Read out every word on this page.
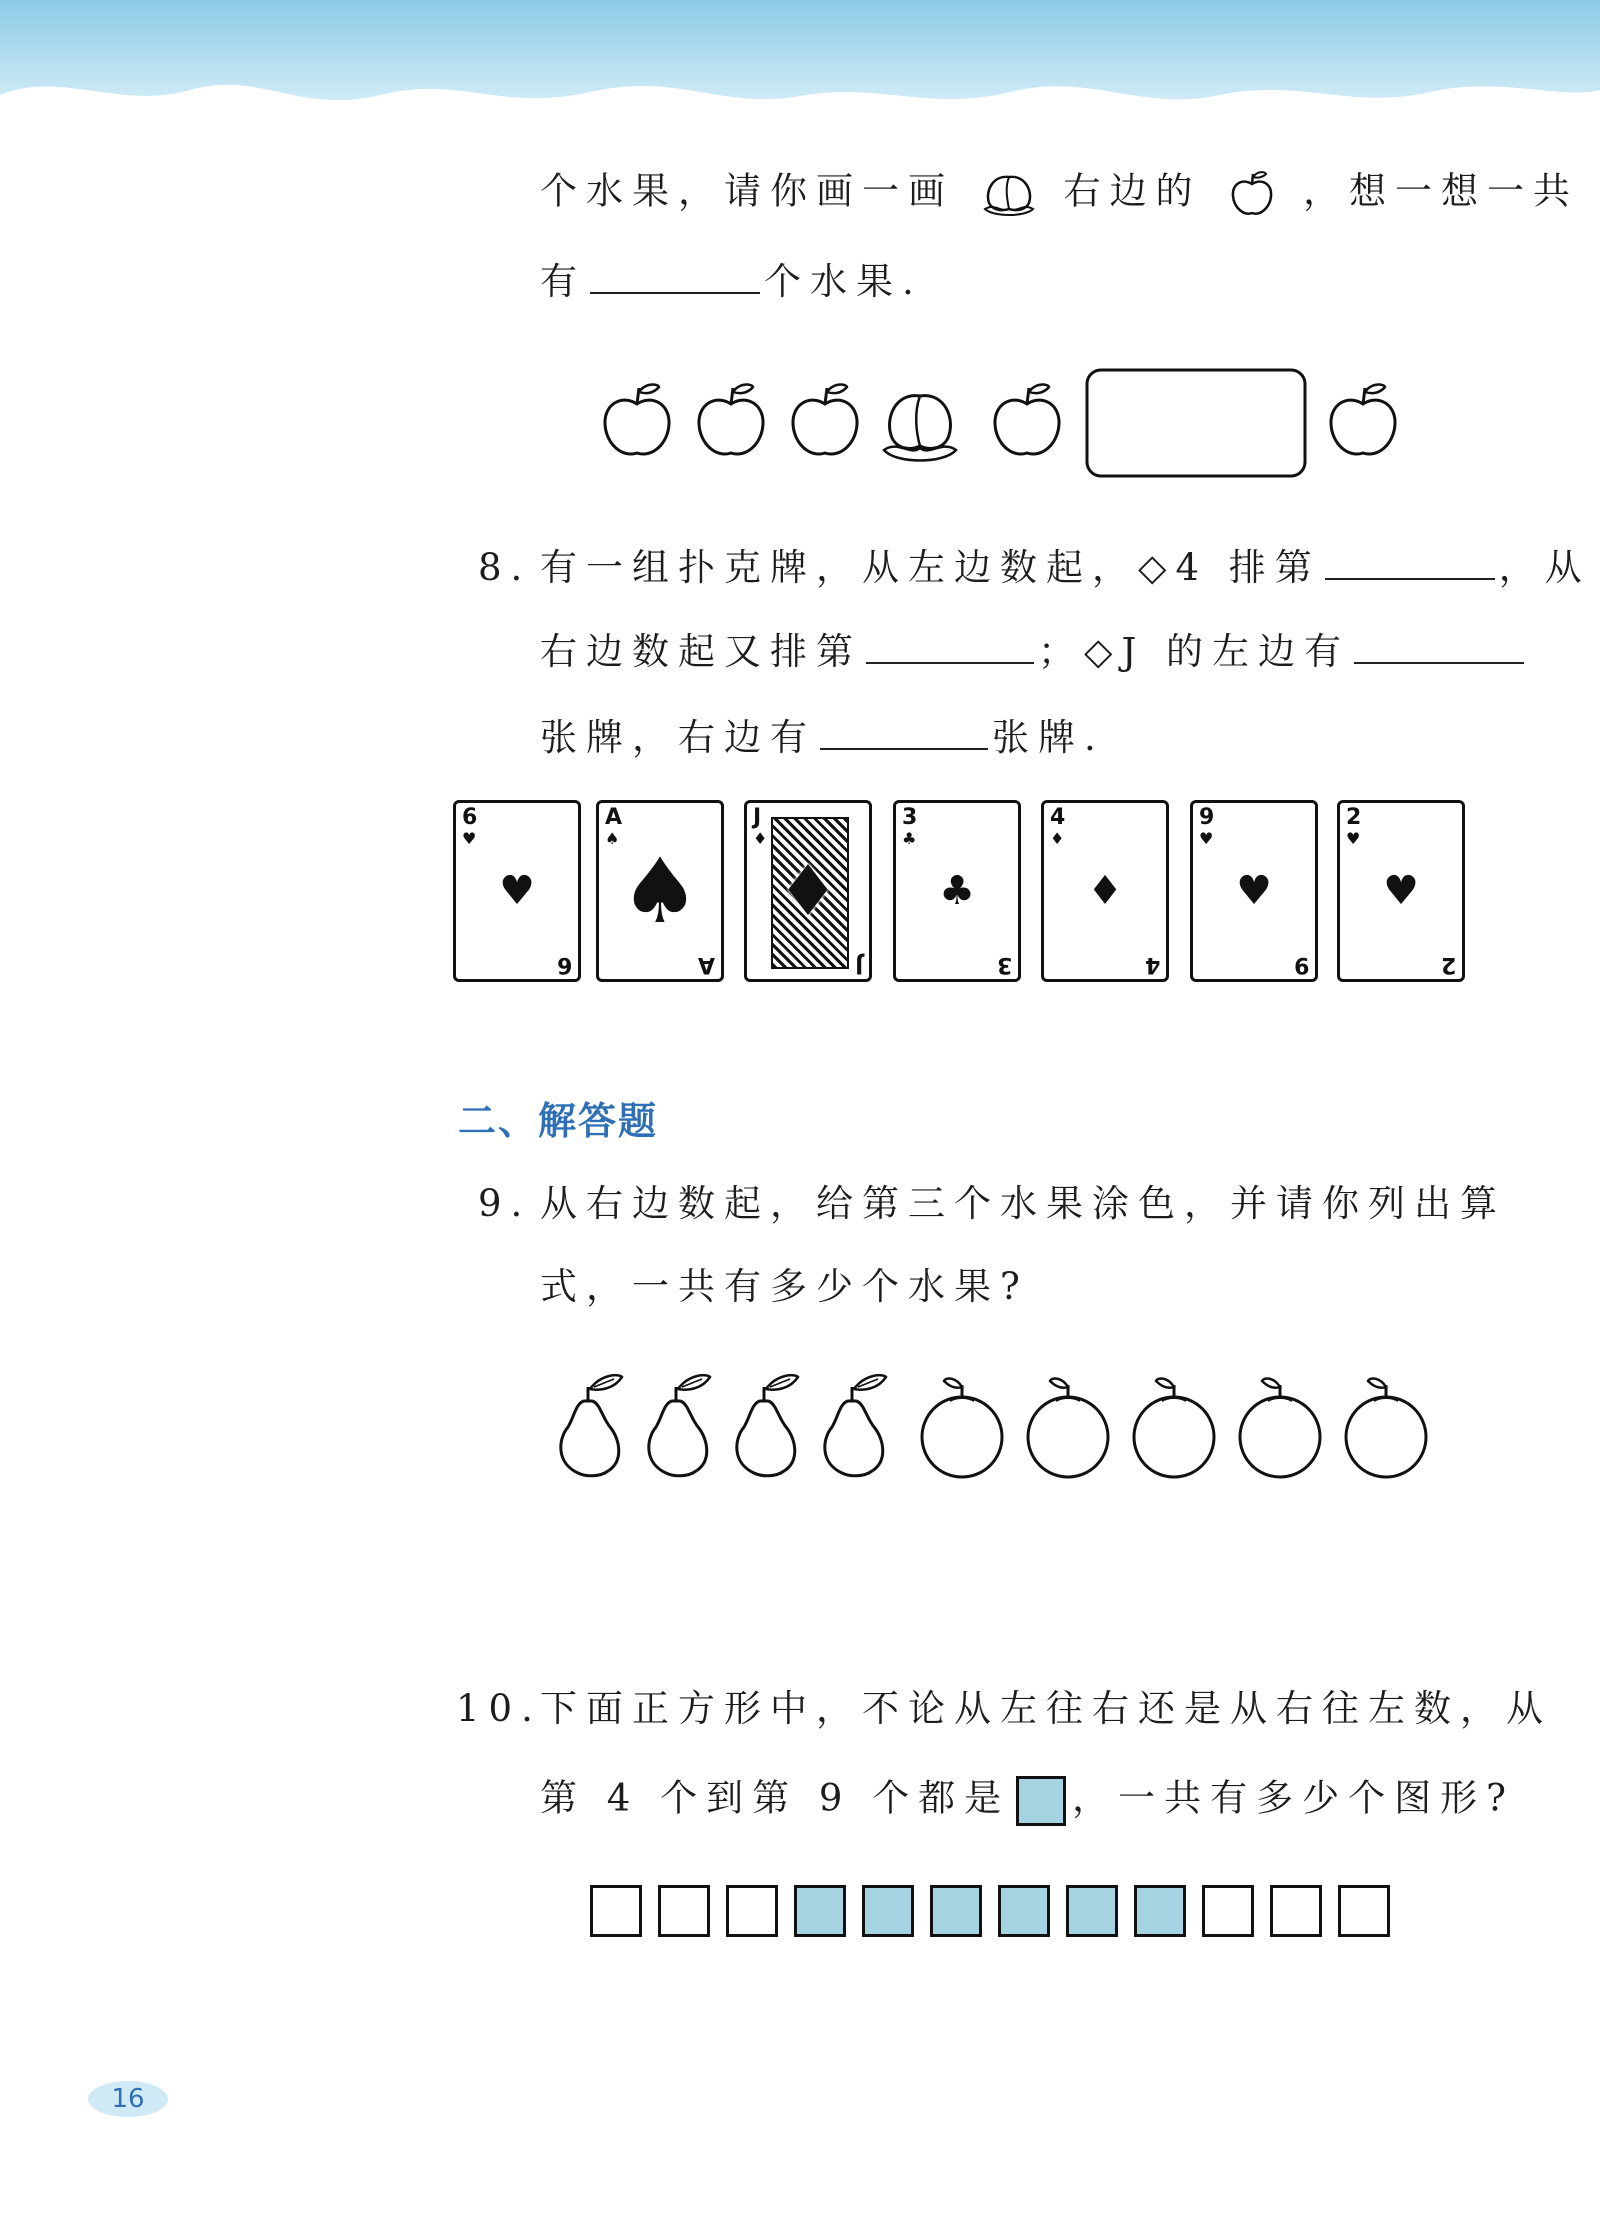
个水果，请你画一画	右边的	，想一想一共
有	个水果.
8. 有一组扑克牌，从左边数起，◇4 排第	，从
右边数起又排第	；◇J 的左边有
张牌，右边有	张牌.
♥
6
♥
6
♠
A
♠
A
♦
J
♦
J
♣
3
♣
3
♦
4
♦
4
♥
9
♥
9
♥
2
♥
2
二、解答题
9. 从右边数起，给第三个水果涂色，并请你列出算
式，一共有多少个水果?
10.下面正方形中，不论从左往右还是从右往左数，从
第 4 个到第 9 个都是 ，一共有多少个图形?
16
